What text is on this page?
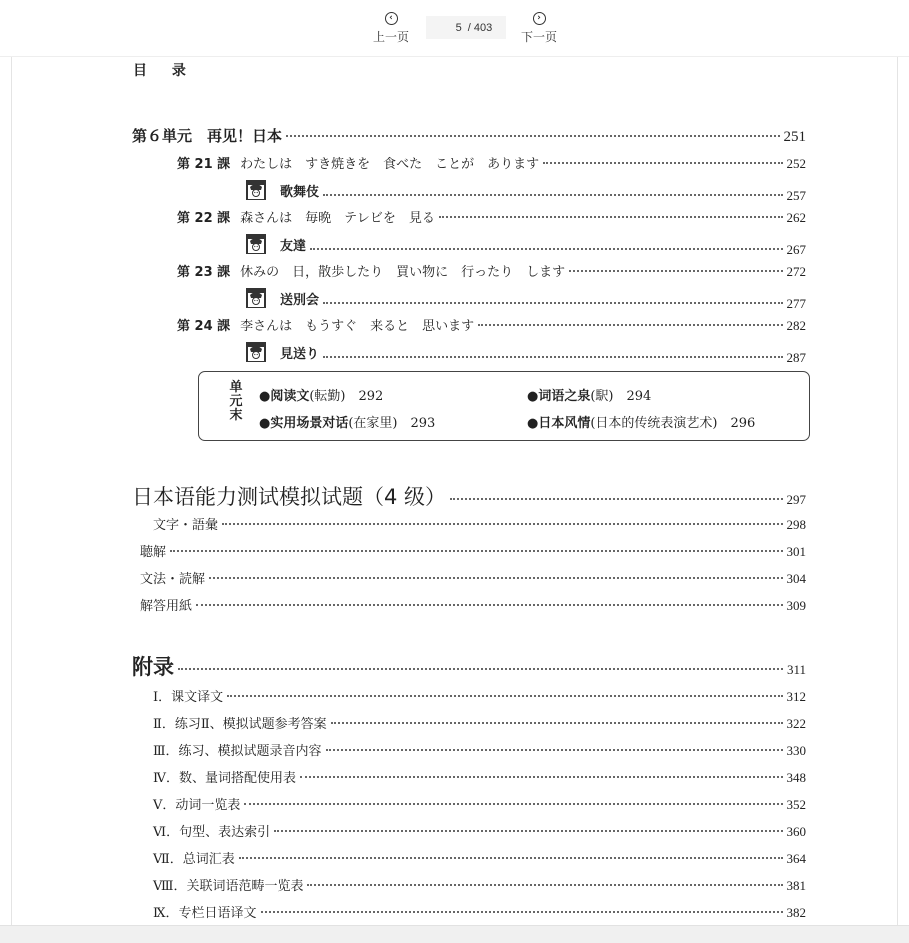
‹
上一页
5
/ 403
›
下一页
目 录
第６単元　再见！日本	251
第 21 課 わたしは　すき焼きを　食べた　ことが　あります	252
歌舞伎	257
第 22 課 森さんは　毎晩　テレビを　見る	262
友達	267
第 23 課 休みの　日，散歩したり　買い物に　行ったり　します	272
送別会	277
第 24 課 李さんは　もうすぐ　来ると　思います	282
見送り	287
单元末
●阅读文(転勤)　292	●词语之泉(駅)　294
●实用场景对话(在家里)　293	●日本风情(日本的传统表演艺术)　296
日本语能力测试模拟试题（4 级）	297
文字・語彙	298
聴解	301
文法・読解	304
解答用紙	309
附录	311
Ⅰ．课文译文	312
Ⅱ．练习Ⅱ、模拟试题参考答案	322
Ⅲ．练习、模拟试题录音内容	330
Ⅳ．数、量词搭配使用表	348
Ⅴ．动词一览表	352
Ⅵ．句型、表达索引	360
Ⅶ．总词汇表	364
Ⅷ．关联词语范畴一览表	381
Ⅸ．专栏日语译文	382
